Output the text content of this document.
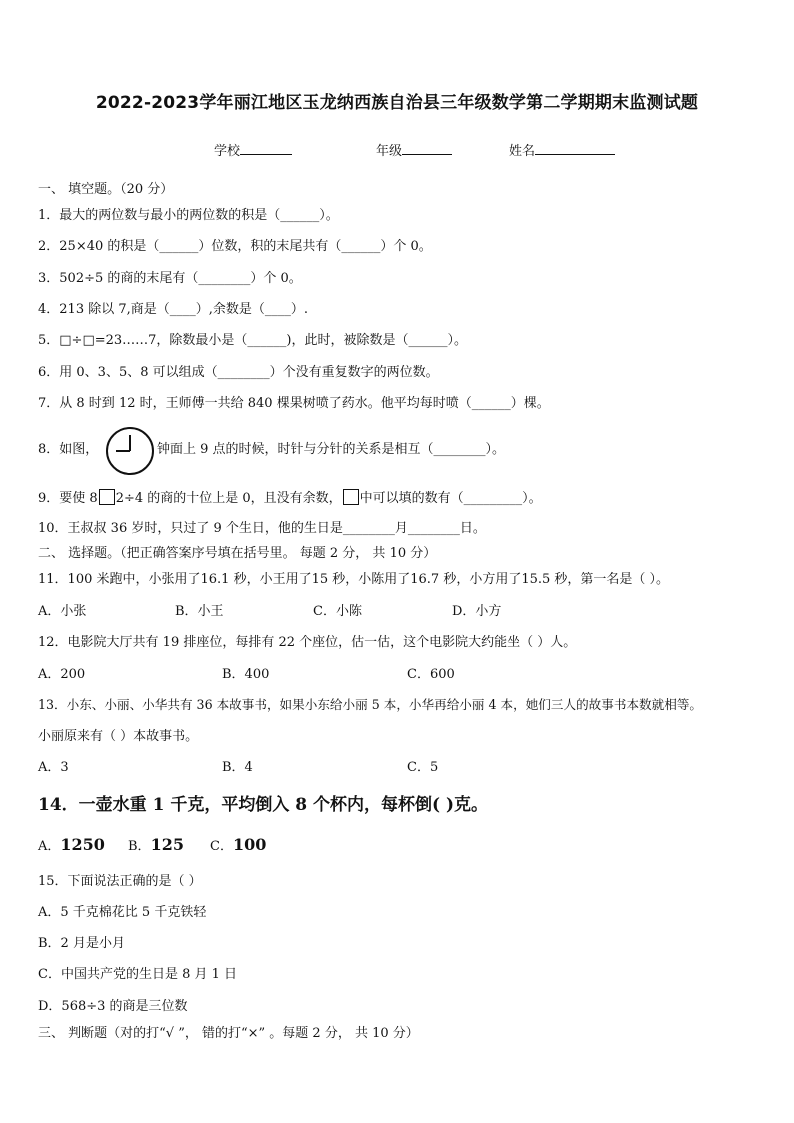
2022-2023学年丽江地区玉龙纳西族自治县三年级数学第二学期期末监测试题
学校	年级	姓名
一、 填空题。（20 分）
1．最大的两位数与最小的两位数的积是（______）。
2．25×40 的积是（______）位数，积的末尾共有（______）个 0。
3．502÷5 的商的末尾有（________）个 0。
4．213 除以 7,商是（____）,余数是（____）.
5．□÷□=23……7，除数最小是（______)，此时，被除数是（______）。
6．用 0、3、5、8 可以组成（________）个没有重复数字的两位数。
7．从 8 时到 12 时，王师傅一共给 840 棵果树喷了药水。他平均每时喷（______）棵。
8．如图，	钟面上 9 点的时候，时针与分针的关系是相互（________）。
9．要使 8 2÷4 的商的十位上是 0，且没有余数， 中可以填的数有（_________）。
10．王叔叔 36 岁时，只过了 9 个生日，他的生日是________月________日。
二、 选择题。（把正确答案序号填在括号里。 每题 2 分， 共 10 分）
11．100 米跑中，小张用了16.1 秒，小王用了15 秒，小陈用了16.7 秒，小方用了15.5 秒，第一名是（ ）。
A．小张	B．小王	C．小陈	D．小方
12．电影院大厅共有 19 排座位，每排有 22 个座位，估一估，这个电影院大约能坐（ ）人。
A．200	B．400	C．600
13．小东、小丽、小华共有 36 本故事书，如果小东给小丽 5 本，小华再给小丽 4 本，她们三人的故事书本数就相等。
小丽原来有（ ）本故事书。
A．3	B．4	C．5
14．一壶水重 1 千克，平均倒入 8 个杯内，每杯倒( )克。
A．1250 B．125 C．100
15．下面说法正确的是（ ）
A．5 千克棉花比 5 千克铁轻
B．2 月是小月
C．中国共产党的生日是 8 月 1 日
D．568÷3 的商是三位数
三、 判断题（对的打“√ ”， 错的打“×” 。每题 2 分， 共 10 分）
